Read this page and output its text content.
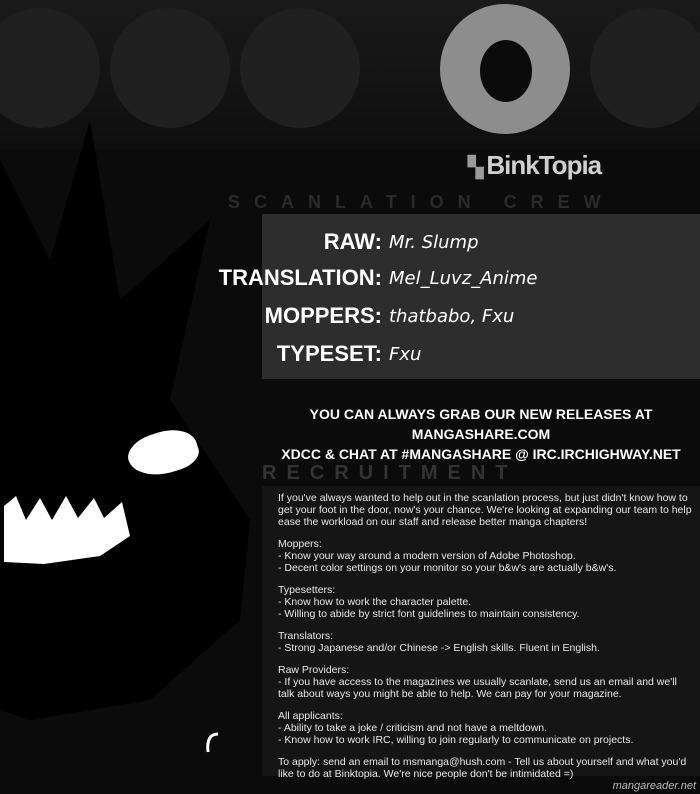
▚ BinkTopia
SCANLATION CREW
RAW: Mr. Slump
TRANSLATION: Mel_Luvz_Anime
MOPPERS: thatbabo, Fxu
TYPESET: Fxu
YOU CAN ALWAYS GRAB OUR NEW RELEASES AT MANGASHARE.COM
XDCC & CHAT AT #MANGASHARE @ IRC.IRCHIGHWAY.NET
RECRUITMENT

If you've always wanted to help out in the scanlation process, but just didn't know how to get your foot in the door, now's your chance. We're looking at expanding our team to help ease the workload on our staff and release better manga chapters!

Moppers:

- Know your way around a modern version of Adobe Photoshop.
- Decent color settings on your monitor so your b&w's are actually b&w's.

Typesetters:

- Know how to work the character palette.
- Willing to abide by strict font guidelines to maintain consistency.

Translators:

- Strong Japanese and/or Chinese -> English skills. Fluent in English.

Raw Providers:

- If you have access to the magazines we usually scanlate, send us an email and we'll talk about ways you might be able to help. We can pay for your magazine.

All applicants:

- Ability to take a joke / criticism and not have a meltdown.
- Know how to work IRC, willing to join regularly to communicate on projects.

To apply: send an email to msmanga@hush.com - Tell us about yourself and what you'd like to do at Binktopia. We're nice people don't be intimidated =)

mangareader.net
